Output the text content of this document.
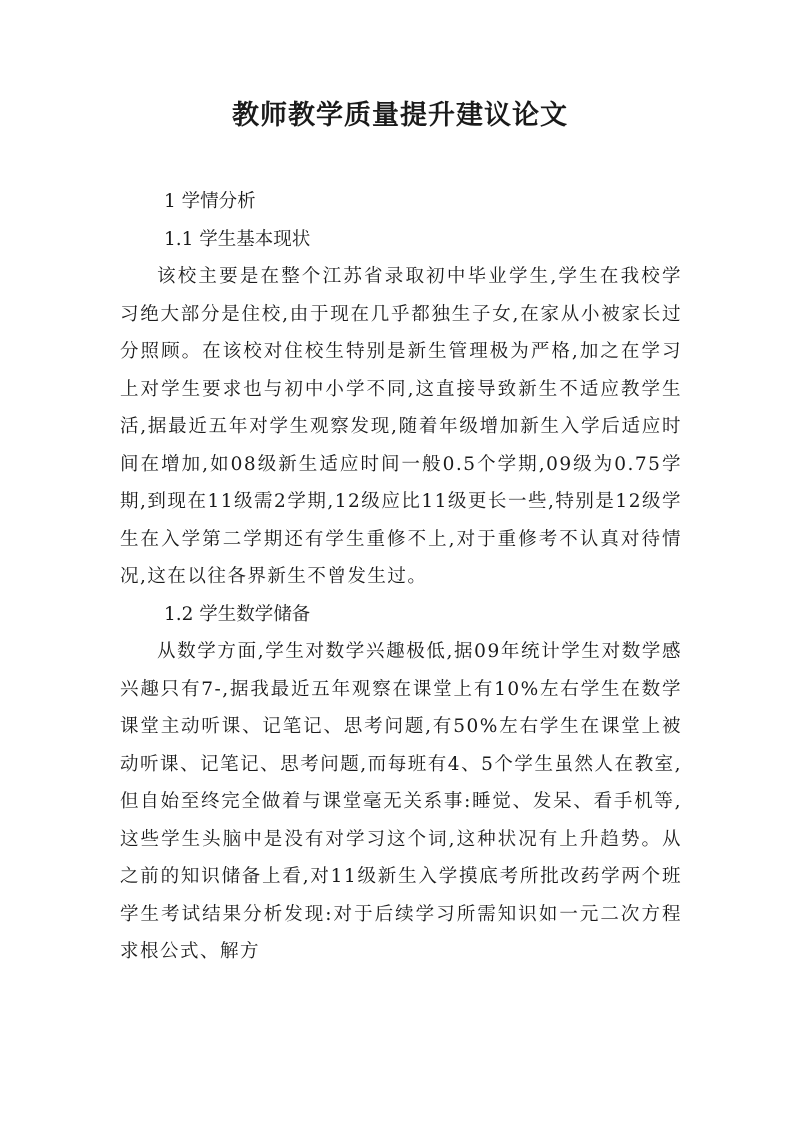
教师教学质量提升建议论文

1 学情分析

1.1 学生基本现状

该校主要是在整个江苏省录取初中毕业学生,学生在我校学习绝大部分是住校,由于现在几乎都独生子女,在家从小被家长过分照顾。在该校对住校生特别是新生管理极为严格,加之在学习上对学生要求也与初中小学不同,这直接导致新生不适应教学生活,据最近五年对学生观察发现,随着年级增加新生入学后适应时间在增加,如08级新生适应时间一般0.5个学期,09级为0.75学期,到现在11级需2学期,12级应比11级更长一些,特别是12级学生在入学第二学期还有学生重修不上,对于重修考不认真对待情况,这在以往各界新生不曾发生过。

1.2 学生数学储备

从数学方面,学生对数学兴趣极低,据09年统计学生对数学感兴趣只有7-,据我最近五年观察在课堂上有10%左右学生在数学课堂主动听课、记笔记、思考问题,有50%左右学生在课堂上被动听课、记笔记、思考问题,而每班有4、5个学生虽然人在教室,但自始至终完全做着与课堂毫无关系事:睡觉、发呆、看手机等,这些学生头脑中是没有对学习这个词,这种状况有上升趋势。从之前的知识储备上看,对11级新生入学摸底考所批改药学两个班学生考试结果分析发现:对于后续学习所需知识如一元二次方程求根公式、解方
